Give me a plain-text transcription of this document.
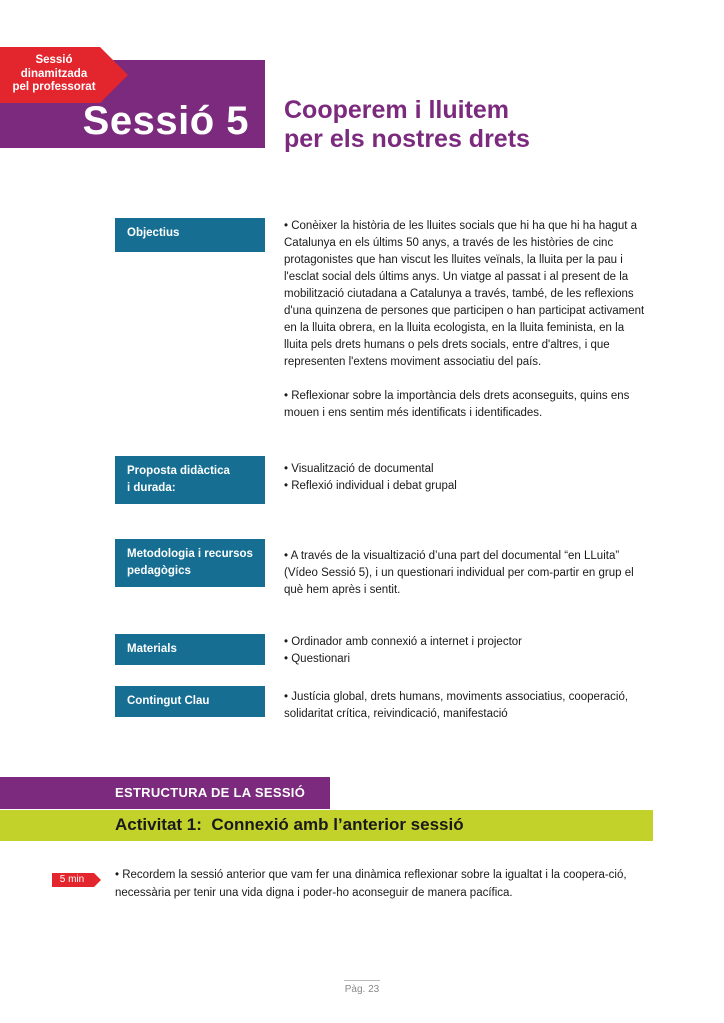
Sessió 5
Sessió
dinamitzada
pel professorat
Cooperem i lluitem
per els nostres drets
Objectius

• Conèixer la història de les lluites socials que hi ha que hi ha hagut a Catalunya en els últims 50 anys, a través de les històries de cinc protagonistes que han viscut les lluites veïnals, la lluita per la pau i l'esclat social dels últims anys. Un viatge al passat i al present de la mobilització ciutadana a Catalunya a través, també, de les reflexions d'una quinzena de persones que participen o han participat activament en la lluita obrera, en la lluita ecologista, en la lluita feminista, en la lluita pels drets humans o pels drets socials, entre d'altres, i que representen l'extens moviment associatiu del país.

• Reflexionar sobre la importància dels drets aconseguits, quins ens mouen i ens sentim més identificats i identificades.

Proposta didàctica
i durada:
• Visualització de documental
• Reflexió individual i debat grupal
Metodologia i recursos
pedagògics

• A través de la visualtizació d’una part del documental “en LLuita” (Vídeo Sessió 5), i un questionari individual per com-partir en grup el què hem après i sentit.

Materials
• Ordinador amb connexió a internet i projector
• Questionari
Contingut Clau	• Justícia global, drets humans, moviments associatius, cooperació, solidaritat crítica, reivindicació, manifestació

ESTRUCTURA DE LA SESSIÓ
Activitat 1:  Connexió amb l’anterior sessió
5 min	• Recordem la sessió anterior que vam fer una dinàmica reflexionar sobre la igualtat i la coopera-ció, necessària per tenir una vida digna i poder-ho aconseguir de manera pacífica.
Pàg. 23
